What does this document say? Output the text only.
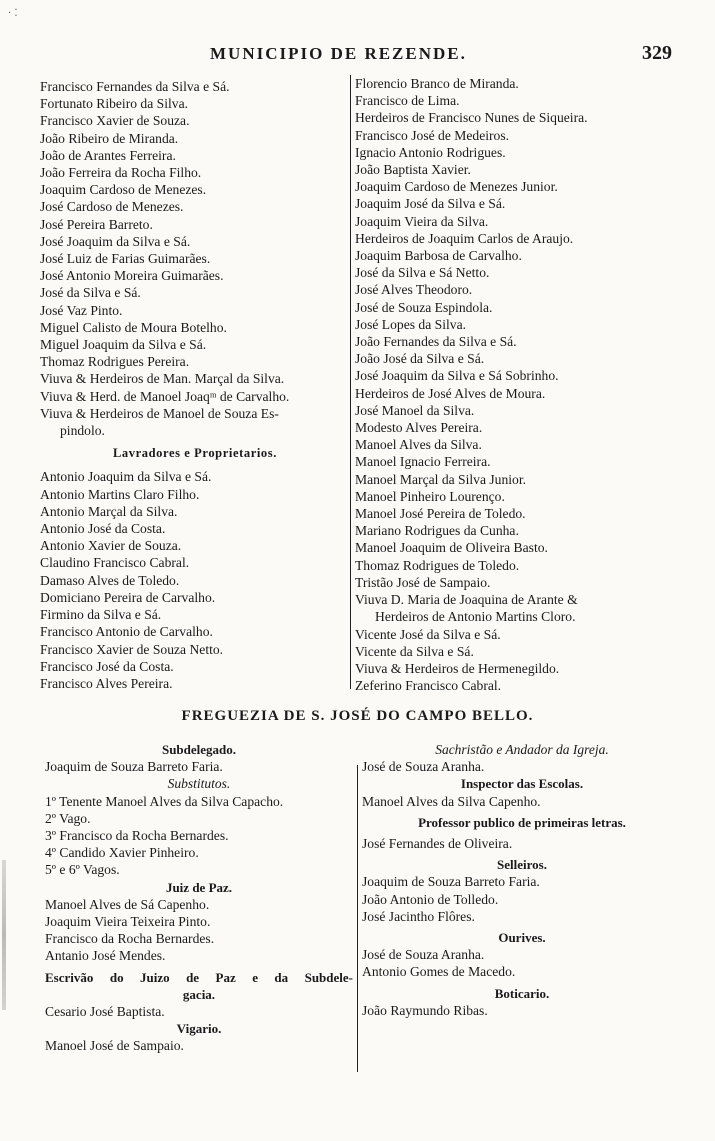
· ⁚
MUNICIPIO DE REZENDE.	329
Francisco Fernandes da Silva e Sá.
Fortunato Ribeiro da Silva.
Francisco Xavier de Souza.
João Ribeiro de Miranda.
João de Arantes Ferreira.
João Ferreira da Rocha Filho.
Joaquim Cardoso de Menezes.
José Cardoso de Menezes.
José Pereira Barreto.
José Joaquim da Silva e Sá.
José Luiz de Farias Guimarães.
José Antonio Moreira Guimarães.
José da Silva e Sá.
José Vaz Pinto.
Miguel Calisto de Moura Botelho.
Miguel Joaquim da Silva e Sá.
Thomaz Rodrigues Pereira.
Viuva & Herdeiros de Man. Marçal da Silva.
Viuva & Herd. de Manoel Joaqᵐ de Carvalho.
Viuva & Herdeiros de Manoel de Souza Es-
pindolo.
Lavradores e Proprietarios.
Antonio Joaquim da Silva e Sá.
Antonio Martins Claro Filho.
Antonio Marçal da Silva.
Antonio José da Costa.
Antonio Xavier de Souza.
Claudino Francisco Cabral.
Damaso Alves de Toledo.
Domiciano Pereira de Carvalho.
Firmino da Silva e Sá.
Francisco Antonio de Carvalho.
Francisco Xavier de Souza Netto.
Francisco José da Costa.
Francisco Alves Pereira.
Florencio Branco de Miranda.
Francisco de Lima.
Herdeiros de Francisco Nunes de Siqueira.
Francisco José de Medeiros.
Ignacio Antonio Rodrigues.
João Baptista Xavier.
Joaquim Cardoso de Menezes Junior.
Joaquim José da Silva e Sá.
Joaquim Vieira da Silva.
Herdeiros de Joaquim Carlos de Araujo.
Joaquim Barbosa de Carvalho.
José da Silva e Sá Netto.
José Alves Theodoro.
José de Souza Espindola.
José Lopes da Silva.
João Fernandes da Silva e Sá.
João José da Silva e Sá.
José Joaquim da Silva e Sá Sobrinho.
Herdeiros de José Alves de Moura.
José Manoel da Silva.
Modesto Alves Pereira.
Manoel Alves da Silva.
Manoel Ignacio Ferreira.
Manoel Marçal da Silva Junior.
Manoel Pinheiro Lourenço.
Manoel José Pereira de Toledo.
Mariano Rodrigues da Cunha.
Manoel Joaquim de Oliveira Basto.
Thomaz Rodrigues de Toledo.
Tristão José de Sampaio.
Viuva D. Maria de Joaquina de Arante &
Herdeiros de Antonio Martins Cloro.
Vicente José da Silva e Sá.
Vicente da Silva e Sá.
Viuva & Herdeiros de Hermenegildo.
Zeferino Francisco Cabral.
FREGUEZIA DE S. JOSÉ DO CAMPO BELLO.
Subdelegado.
Joaquim de Souza Barreto Faria.
Substitutos.
1º Tenente Manoel Alves da Silva Capacho.
2º Vago.
3º Francisco da Rocha Bernardes.
4º Candido Xavier Pinheiro.
5º e 6º Vagos.
Juiz de Paz.
Manoel Alves de Sá Capenho.
Joaquim Vieira Teixeira Pinto.
Francisco da Rocha Bernardes.
Antanio José Mendes.
Escrivão do Juizo de Paz e da Subdele-
gacia.
Cesario José Baptista.
Vigario.
Manoel José de Sampaio.
Sachristão e Andador da Igreja.
José de Souza Aranha.
Inspector das Escolas.
Manoel Alves da Silva Capenho.
Professor publico de primeiras letras.
José Fernandes de Oliveira.
Selleiros.
Joaquim de Souza Barreto Faria.
João Antonio de Tolledo.
José Jacintho Flôres.
Ourives.
José de Souza Aranha.
Antonio Gomes de Macedo.
Boticario.
João Raymundo Ribas.
